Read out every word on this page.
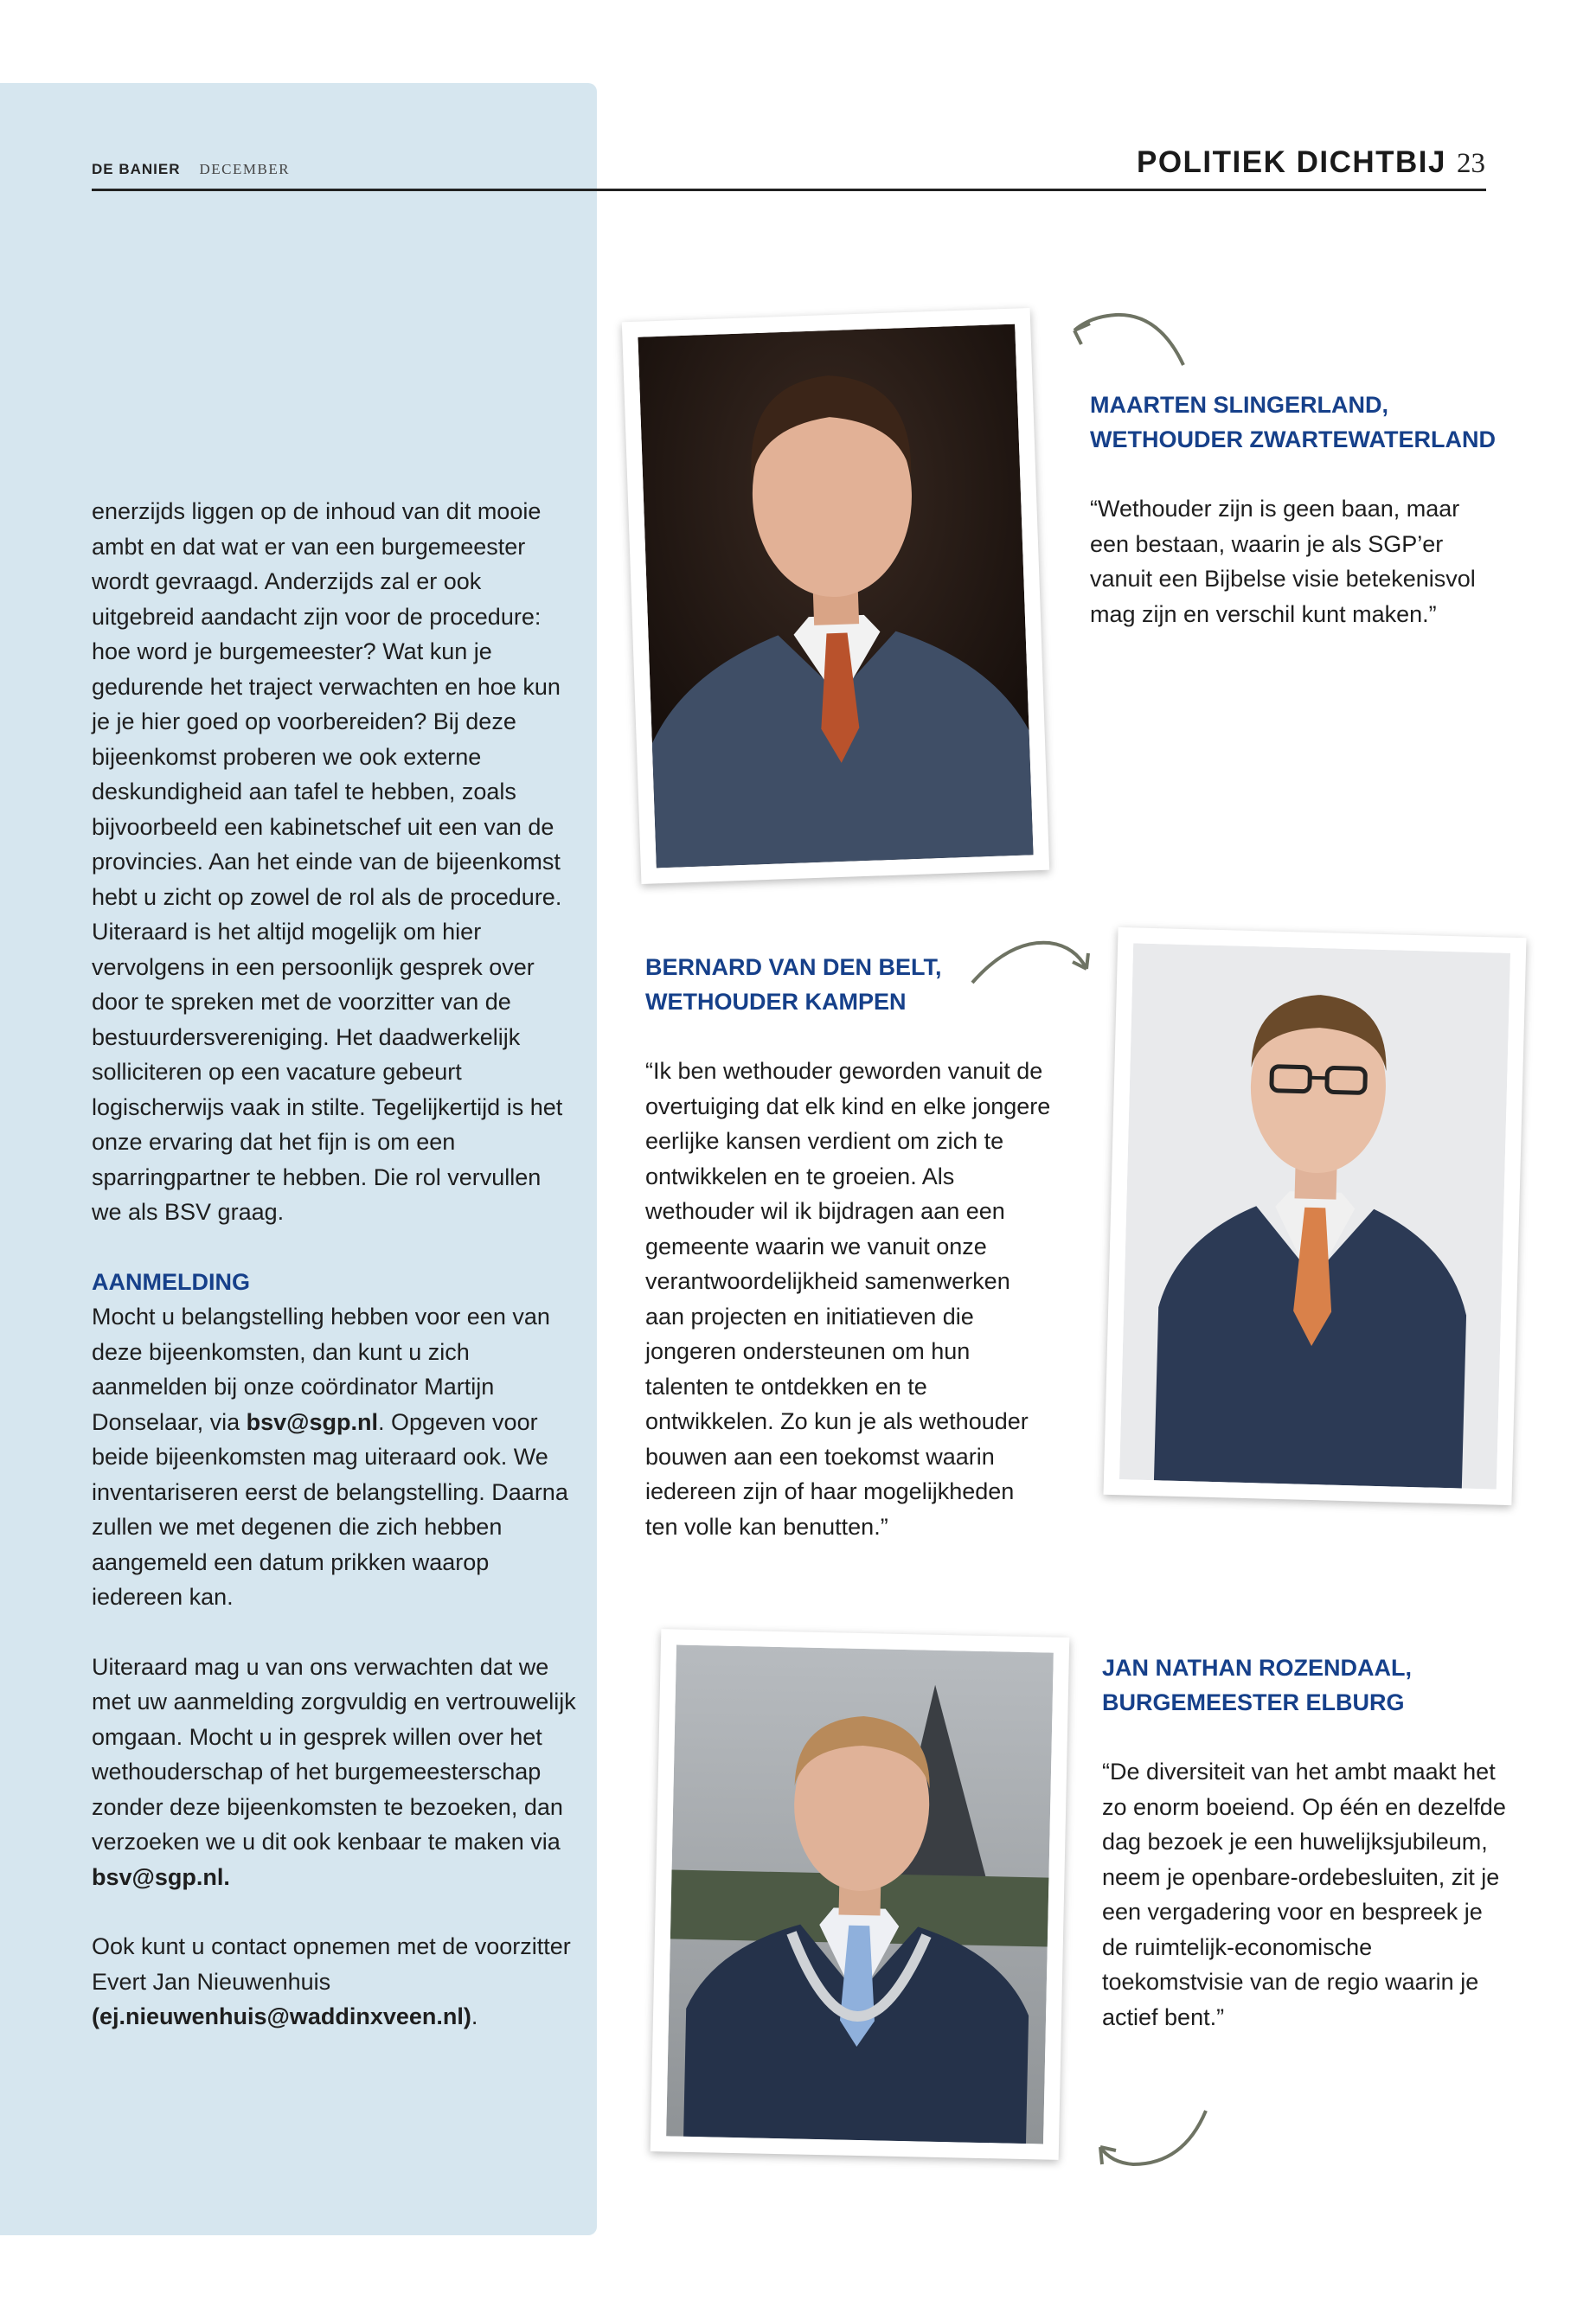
DE BANIER DECEMBER	POLITIEK DICHTBIJ 23

enerzijds liggen op de inhoud van dit mooie ambt en dat wat er van een burgemeester wordt gevraagd. Anderzijds zal er ook uitgebreid aandacht zijn voor de procedure: hoe word je burgemeester? Wat kun je gedurende het traject verwachten en hoe kun je je hier goed op voorbereiden? Bij deze bijeenkomst proberen we ook externe deskundigheid aan tafel te hebben, zoals bijvoorbeeld een kabinetschef uit een van de provincies. Aan het einde van de bijeenkomst hebt u zicht op zowel de rol als de procedure. Uiteraard is het altijd mogelijk om hier vervolgens in een persoonlijk gesprek over door te spreken met de voorzitter van de bestuurdersvereniging. Het daadwerkelijk solliciteren op een vacature gebeurt logischerwijs vaak in stilte. Tegelijkertijd is het onze ervaring dat het fijn is om een sparringpartner te hebben. Die rol vervullen we als BSV graag.

AANMELDING

Mocht u belangstelling hebben voor een van deze bijeenkomsten, dan kunt u zich aanmelden bij onze coördinator Martijn Donselaar, via bsv@sgp.nl. Opgeven voor beide bijeenkomsten mag uiteraard ook. We inventariseren eerst de belangstelling. Daarna zullen we met degenen die zich hebben aangemeld een datum prikken waarop iedereen kan.

Uiteraard mag u van ons verwachten dat we met uw aanmelding zorgvuldig en vertrouwelijk omgaan. Mocht u in gesprek willen over het wethouderschap of het burgemeesterschap zonder deze bijeenkomsten te bezoeken, dan verzoeken we u dit ook kenbaar te maken via bsv@sgp.nl.

Ook kunt u contact opnemen met de voorzitter Evert Jan Nieuwenhuis (ej.nieuwenhuis@waddinxveen.nl).

MAARTEN SLINGERLAND,

WETHOUDER ZWARTEWATERLAND

“Wethouder zijn is geen baan, maar een bestaan, waarin je als SGP’er vanuit een Bijbelse visie betekenisvol mag zijn en verschil kunt maken.”

BERNARD VAN DEN BELT,

WETHOUDER KAMPEN

“Ik ben wethouder geworden vanuit de overtuiging dat elk kind en elke jongere eerlijke kansen verdient om zich te ontwikkelen en te groeien. Als wethouder wil ik bijdragen aan een gemeente waarin we vanuit onze verantwoordelijkheid samenwerken aan projecten en initiatieven die jongeren ondersteunen om hun talenten te ontdekken en te ontwikkelen. Zo kun je als wethouder bouwen aan een toekomst waarin iedereen zijn of haar mogelijkheden ten volle kan benutten.”

JAN NATHAN ROZENDAAL,

BURGEMEESTER ELBURG

“De diversiteit van het ambt maakt het zo enorm boeiend. Op één en dezelfde dag bezoek je een huwelijksjubileum, neem je openbare-ordebesluiten, zit je een vergadering voor en bespreek je de ruimtelijk-economische toekomstvisie van de regio waarin je actief bent.”
